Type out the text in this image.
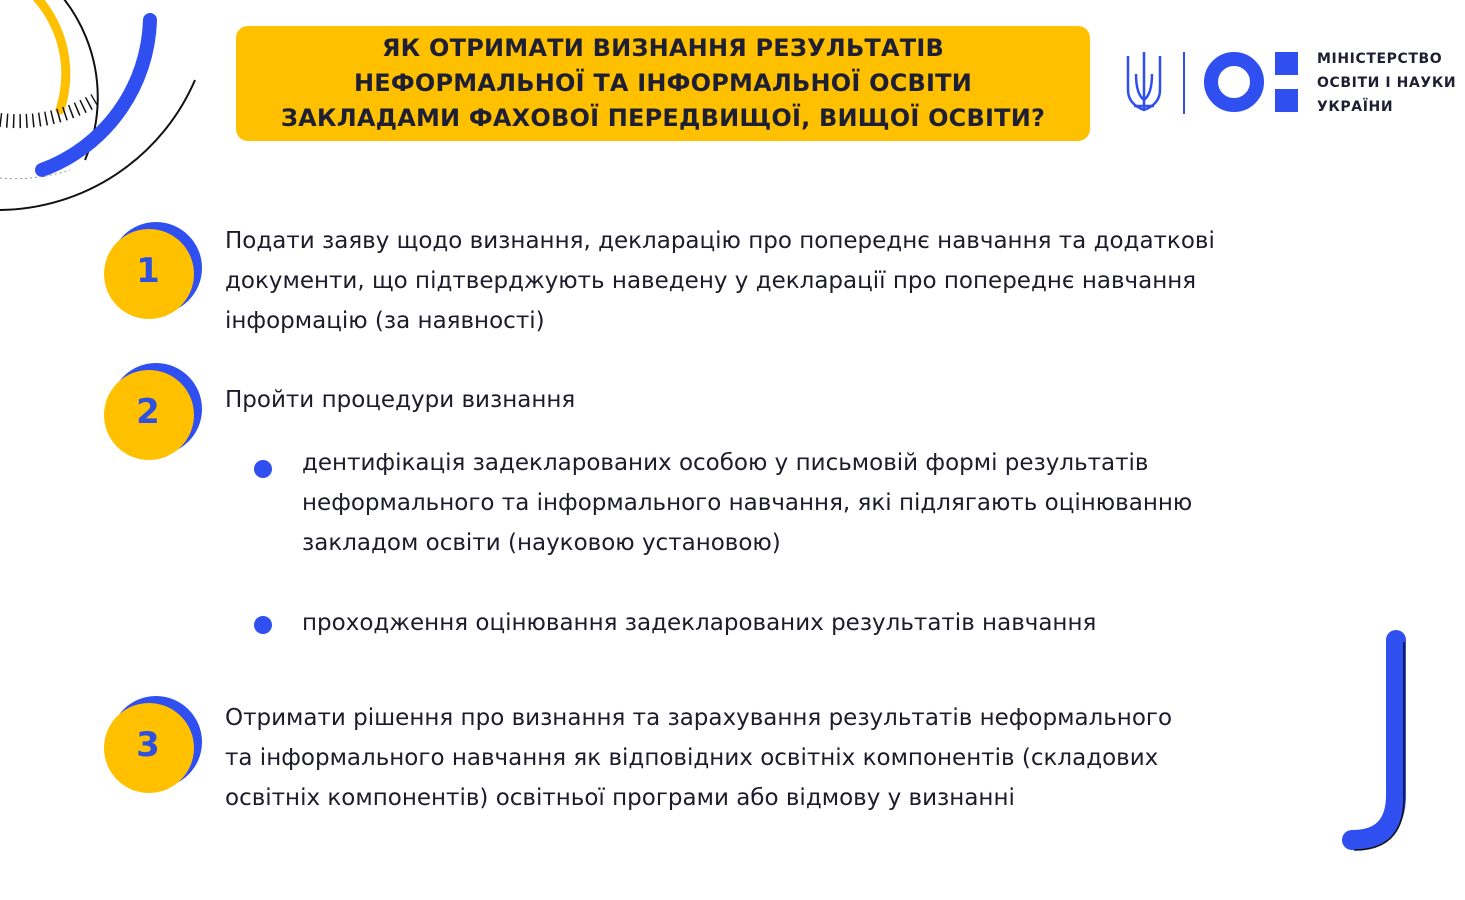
ЯК ОТРИМАТИ ВИЗНАННЯ РЕЗУЛЬТАТІВ
НЕФОРМАЛЬНОЇ ТА ІНФОРМАЛЬНОЇ ОСВІТИ
ЗАКЛАДАМИ ФАХОВОЇ ПЕРЕДВИЩОЇ, ВИЩОЇ ОСВІТИ?
МІНІСТЕРСТВО
ОСВІТИ І НАУКИ
УКРАЇНИ
1
Подати заяву щодо визнання, декларацію про попереднє навчання та додаткові
документи, що підтверджують наведену у декларації про попереднє навчання
інформацію (за наявності)
2	Пройти процедури визнання
дентифікація задекларованих особою у письмовій формі результатів
неформального та інформального навчання, які підлягають оцінюванню
закладом освіти (науковою установою)
проходження оцінювання задекларованих результатів навчання
3
Отримати рішення про визнання та зарахування результатів неформального
та інформального навчання як відповідних освітніх компонентів (складових
освітніх компонентів) освітньої програми або відмову у визнанні
